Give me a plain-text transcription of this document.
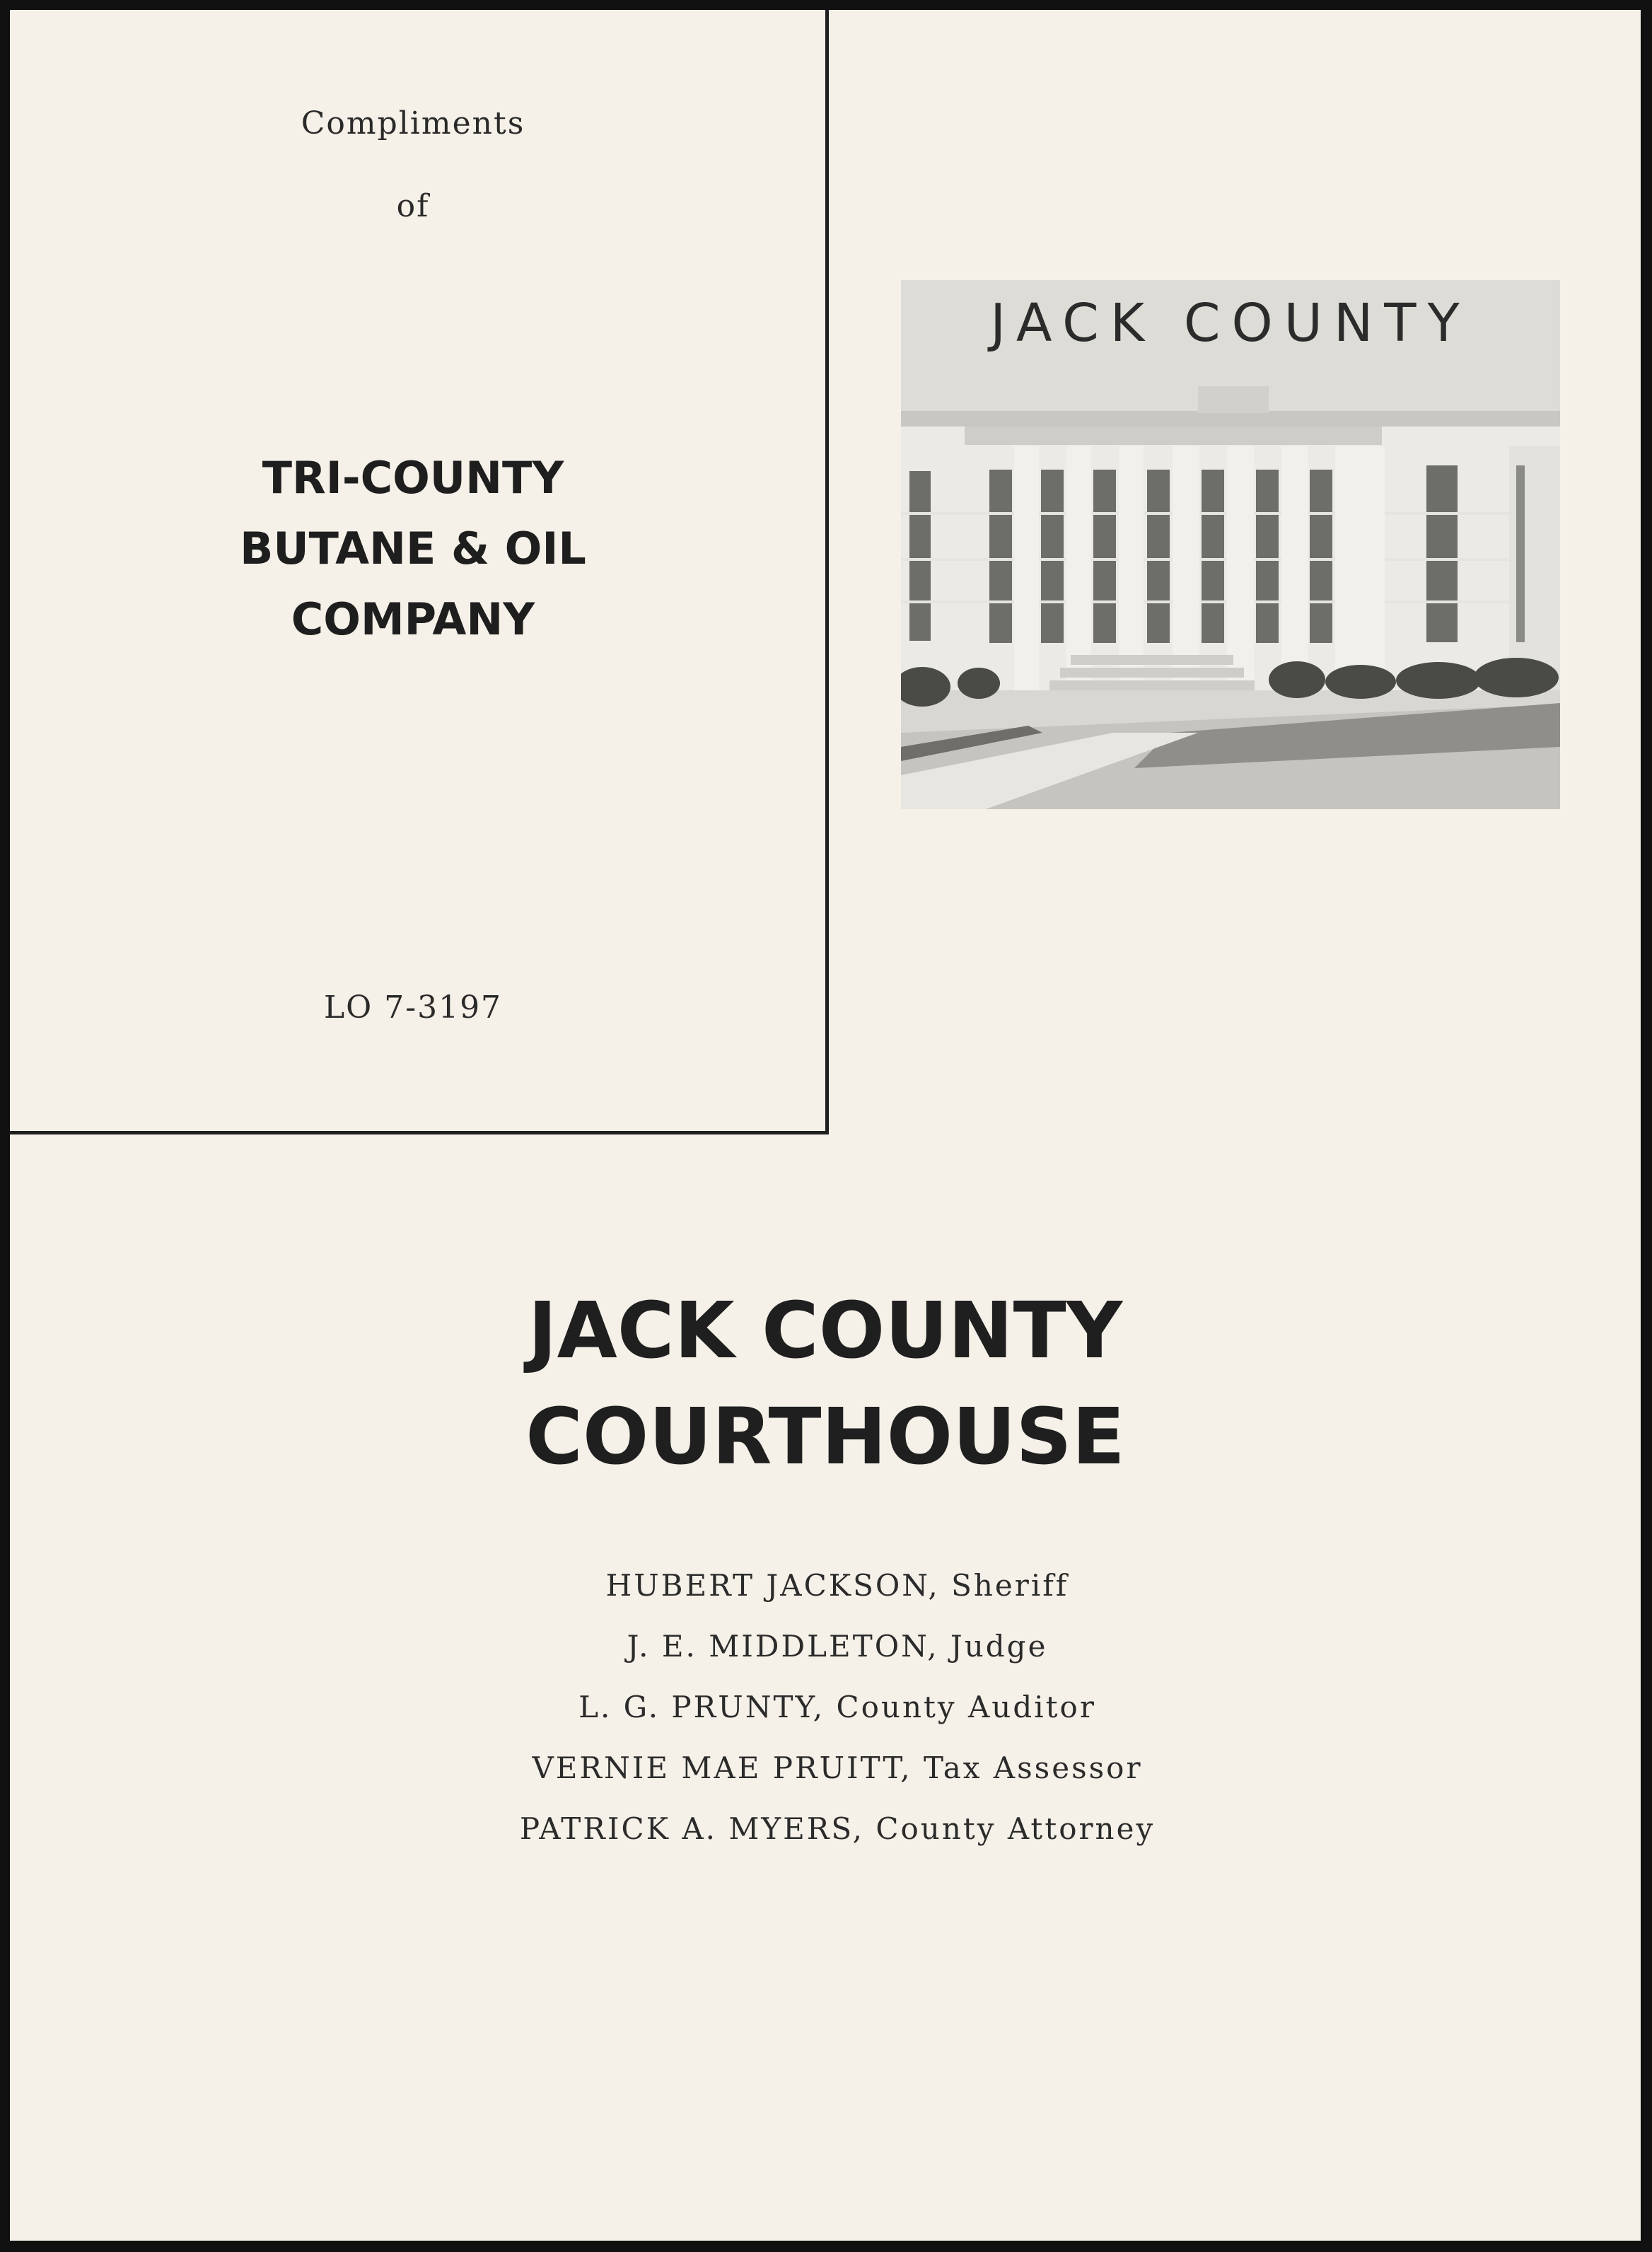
Compliments
of
TRI-COUNTY
BUTANE & OIL
COMPANY
LO 7-3197
JACK COUNTY
JACK COUNTY
COURTHOUSE
HUBERT JACKSON, Sheriff
J. E. MIDDLETON, Judge
L. G. PRUNTY, County Auditor
VERNIE MAE PRUITT, Tax Assessor
PATRICK A. MYERS, County Attorney
